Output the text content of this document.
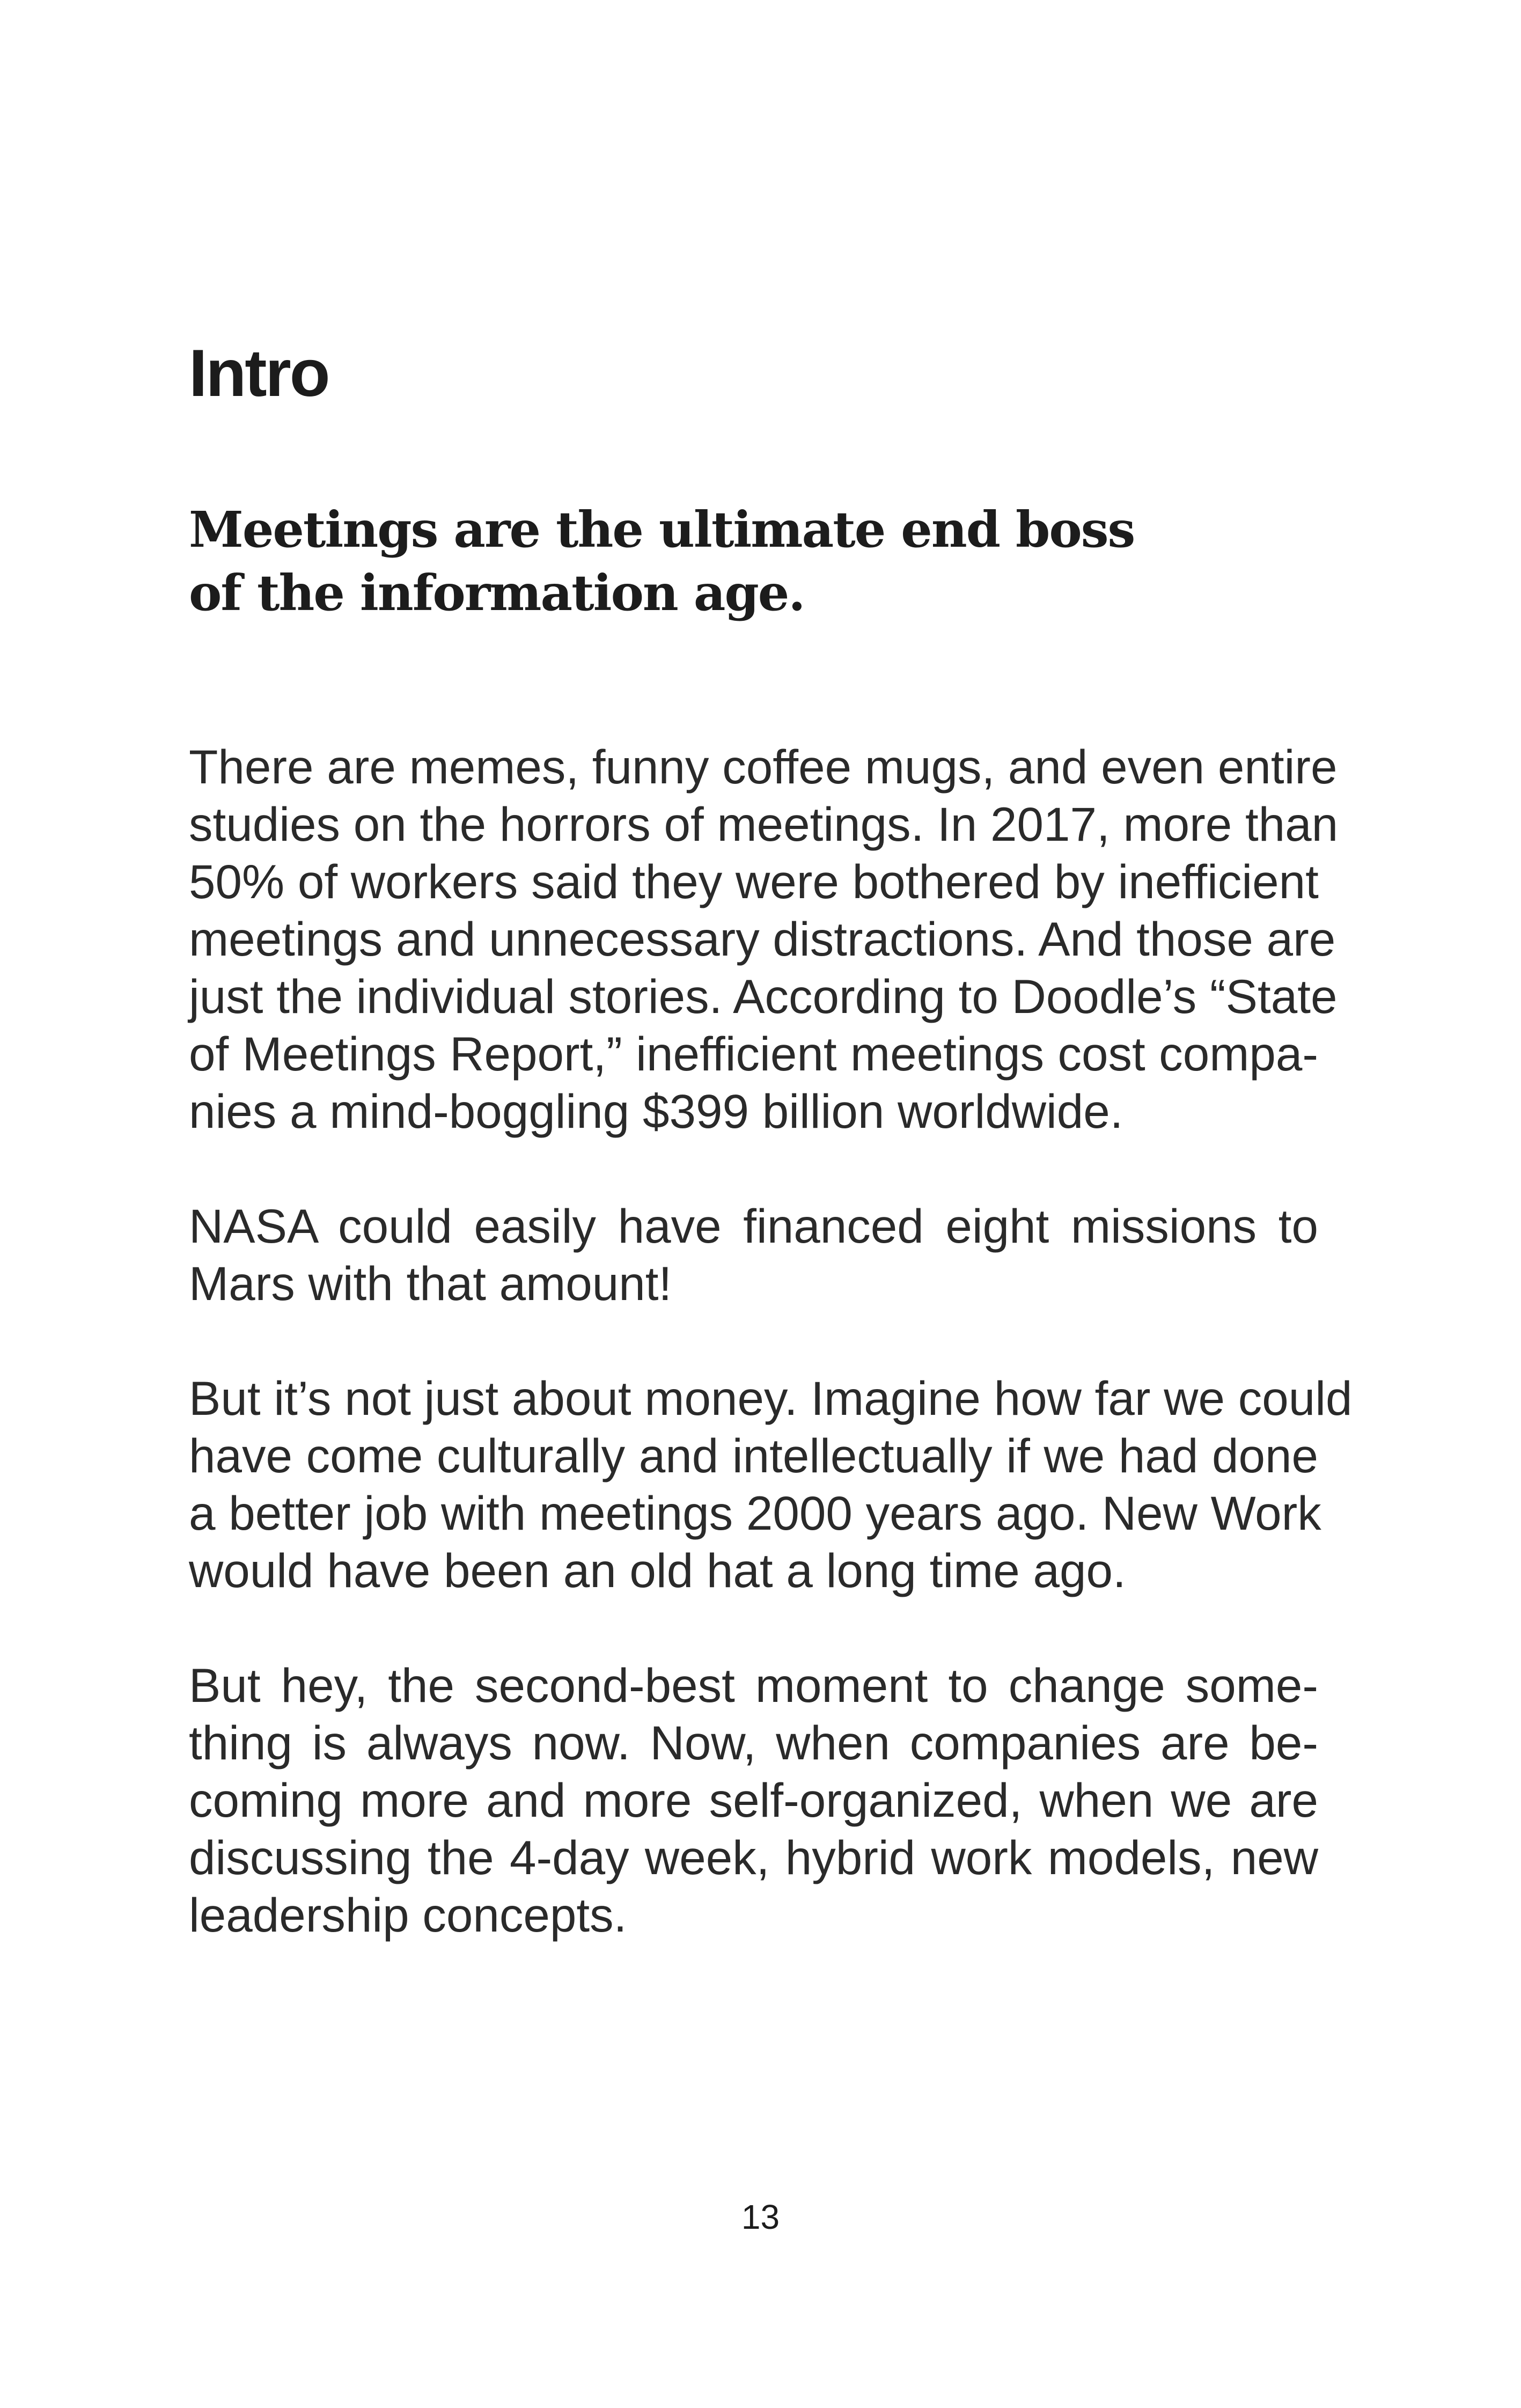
Intro
Meetings are the ultimate end boss
of the information age.

There are memes, funny coffee mugs, and even entire
studies on the horrors of meetings. In 2017, more than
50% of workers said they were bothered by inefficient
meetings and unnecessary distractions. And those are
just the individual stories. According to Doodle’s “State
of Meetings Report,” inefficient meetings cost compa-
nies a mind-boggling $399 billion worldwide.

NASA could easily have financed eight missions to
Mars with that amount!

But it’s not just about money. Imagine how far we could
have come culturally and intellectually if we had done
a better job with meetings 2000 years ago. New Work
would have been an old hat a long time ago.

But hey, the second-best moment to change some-
thing is always now. Now, when companies are be-
coming more and more self-organized, when we are
discussing the 4-day week, hybrid work models, new
leadership concepts.

13
